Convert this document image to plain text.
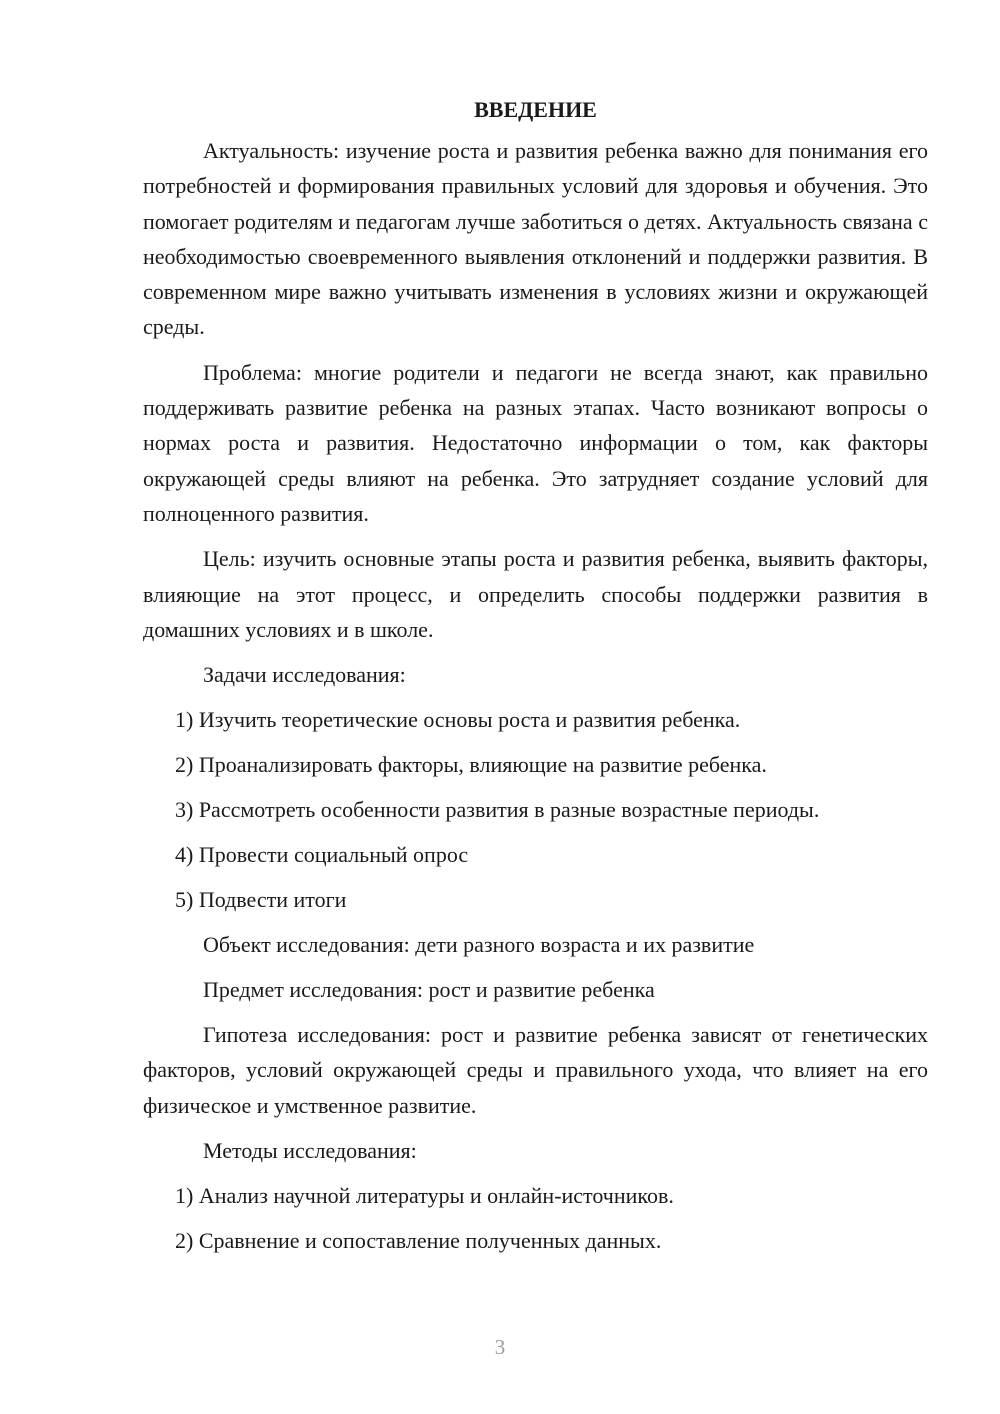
ВВЕДЕНИЕ

Актуальность: изучение роста и развития ребенка важно для понимания его потребностей и формирования правильных условий для здоровья и обучения. Это помогает родителям и педагогам лучше заботиться о детях. Актуальность связана с необходимостью своевременного выявления отклонений и поддержки развития. В современном мире важно учитывать изменения в условиях жизни и окружающей среды.

Проблема: многие родители и педагоги не всегда знают, как правильно поддерживать развитие ребенка на разных этапах. Часто возникают вопросы о нормах роста и развития. Недостаточно информации о том, как факторы окружающей среды влияют на ребенка. Это затрудняет создание условий для полноценного развития.

Цель: изучить основные этапы роста и развития ребенка, выявить факторы, влияющие на этот процесс, и определить способы поддержки развития в домашних условиях и в школе.

Задачи исследования:
1) Изучить теоретические основы роста и развития ребенка.
2) Проанализировать факторы, влияющие на развитие ребенка.
3) Рассмотреть особенности развития в разные возрастные периоды.
4) Провести социальный опрос
5) Подвести итоги
Объект исследования: дети разного возраста и их развитие
Предмет исследования: рост и развитие ребенка

Гипотеза исследования: рост и развитие ребенка зависят от генетических факторов, условий окружающей среды и правильного ухода, что влияет на его физическое и умственное развитие.

Методы исследования:
1) Анализ научной литературы и онлайн-источников.
2) Сравнение и сопоставление полученных данных.
3
